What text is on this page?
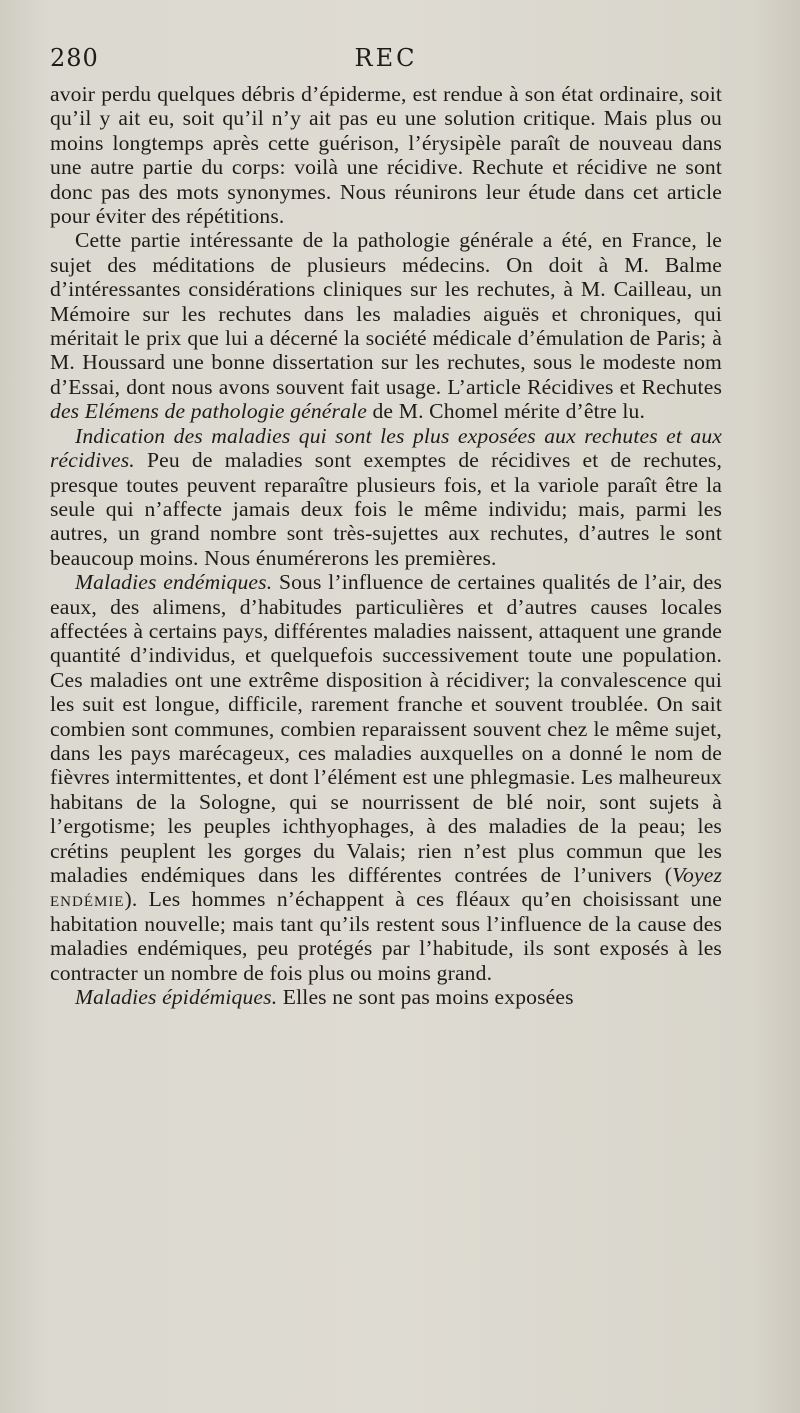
280	REC

avoir perdu quelques débris d’épiderme, est rendue à son état ordinaire, soit qu’il y ait eu, soit qu’il n’y ait pas eu une solution critique. Mais plus ou moins longtemps après cette guérison, l’érysipèle paraît de nouveau dans une autre partie du corps: voilà une récidive. Rechute et récidive ne sont donc pas des mots synonymes. Nous réunirons leur étude dans cet article pour éviter des répétitions.

Cette partie intéressante de la pathologie générale a été, en France, le sujet des méditations de plusieurs médecins. On doit à M. Balme d’intéressantes considérations cliniques sur les rechutes, à M. Cailleau, un Mémoire sur les rechutes dans les maladies aiguës et chroniques, qui méritait le prix que lui a décerné la société médicale d’émulation de Paris; à M. Houssard une bonne dissertation sur les rechutes, sous le modeste nom d’Essai, dont nous avons souvent fait usage. L’article Récidives et Rechutes des Elémens de pathologie générale de M. Chomel mérite d’être lu.

Indication des maladies qui sont les plus exposées aux rechutes et aux récidives. Peu de maladies sont exemptes de récidives et de rechutes, presque toutes peuvent reparaître plusieurs fois, et la variole paraît être la seule qui n’affecte jamais deux fois le même individu; mais, parmi les autres, un grand nombre sont très-sujettes aux rechutes, d’autres le sont beaucoup moins. Nous énumérerons les premières.

Maladies endémiques. Sous l’influence de certaines qualités de l’air, des eaux, des alimens, d’habitudes particulières et d’autres causes locales affectées à certains pays, différentes maladies naissent, attaquent une grande quantité d’individus, et quelquefois successivement toute une population. Ces maladies ont une extrême disposition à récidiver; la convalescence qui les suit est longue, difficile, rarement franche et souvent troublée. On sait combien sont communes, combien reparaissent souvent chez le même sujet, dans les pays marécageux, ces maladies auxquelles on a donné le nom de fièvres intermittentes, et dont l’élément est une phlegmasie. Les malheureux habitans de la Sologne, qui se nourrissent de blé noir, sont sujets à l’ergotisme; les peuples ichthyophages, à des maladies de la peau; les crétins peuplent les gorges du Valais; rien n’est plus commun que les maladies endémiques dans les différentes contrées de l’univers (Voyez endémie). Les hommes n’échappent à ces fléaux qu’en choisissant une habitation nouvelle; mais tant qu’ils restent sous l’influence de la cause des maladies endémiques, peu protégés par l’habitude, ils sont exposés à les contracter un nombre de fois plus ou moins grand.

Maladies épidémiques. Elles ne sont pas moins exposées
